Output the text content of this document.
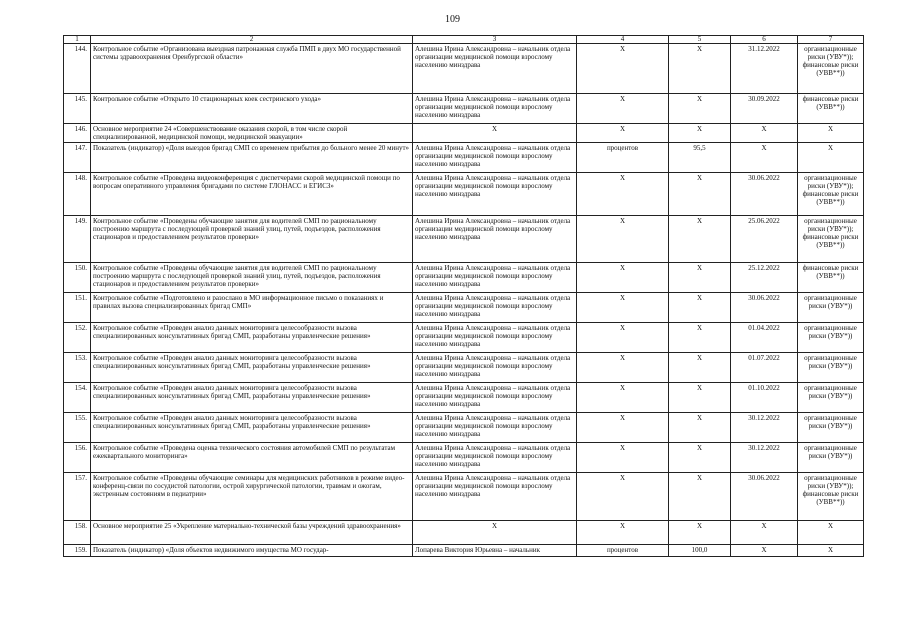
109
1	2	3	4	5	6	7
144.	Контрольное событие «Организована выездная патронажная служба ПМП в двух МО государственной системы здравоохранения Оренбургской области»	Алешина Ирина Александровна – начальник отдела организации медицинской помощи взрослому населению минздрава	X	X	31.12.2022	организационные риски (УВУ*)); финансовые риски (УВВ**))
145.	Контрольное событие «Открыто 10 стационарных коек сестринского ухода»	Алешина Ирина Александровна – начальник отдела организации медицинской помощи взрослому населению минздрава	X	X	30.09.2022	финансовые риски (УВВ**))
146.	Основное мероприятие 24 «Совершенствование оказания скорой, в том числе скорой специализированной, медицинской помощи, медицинской эвакуации»	X	X	X	X	X
147.	Показатель (индикатор) «Доля выездов бригад СМП со временем прибытия до больного менее 20 минут»	Алешина Ирина Александровна – начальник отдела организации медицинской помощи взрослому населению минздрава	процентов	95,5	X	X
148.	Контрольное событие «Проведена видеоконференция с диспетчерами скорой медицинской помощи по вопросам оперативного управления бригадами по системе ГЛОНАСС и ЕГИСЗ»	Алешина Ирина Александровна – начальник отдела организации медицинской помощи взрослому населению минздрава	X	X	30.06.2022	организационные риски (УВУ*)); финансовые риски (УВВ**))
149.	Контрольное событие «Проведены обучающие занятия для водителей СМП по рациональному построению маршрута с последующей проверкой знаний улиц, путей, подъездов, расположения стационаров и предоставлением результатов проверки»	Алешина Ирина Александровна – начальник отдела организации медицинской помощи взрослому населению минздрава	X	X	25.06.2022	организационные риски (УВУ*)); финансовые риски (УВВ**))
150.	Контрольное событие «Проведены обучающие занятия для водителей СМП по рациональному построению маршрута с последующей проверкой знаний улиц, путей, подъездов, расположения стационаров и предоставлением результатов проверки»	Алешина Ирина Александровна – начальник отдела организации медицинской помощи взрослому населению минздрава	X	X	25.12.2022	финансовые риски (УВВ**))
151.	Контрольное событие «Подготовлено и разослано в МО информационное письмо о показаниях и правилах вызова специализированных бригад СМП»	Алешина Ирина Александровна – начальник отдела организации медицинской помощи взрослому населению минздрава	X	X	30.06.2022	организационные риски (УВУ*))
152.	Контрольное событие «Проведен анализ данных мониторинга целесообразности вызова специализированных консультативных бригад СМП, разработаны управленческие решения»	Алешина Ирина Александровна – начальник отдела организации медицинской помощи взрослому населению минздрава	X	X	01.04.2022	организационные риски (УВУ*))
153.	Контрольное событие «Проведен анализ данных мониторинга целесообразности вызова специализированных консультативных бригад СМП, разработаны управленческие решения»	Алешина Ирина Александровна – начальник отдела организации медицинской помощи взрослому населению минздрава	X	X	01.07.2022	организационные риски (УВУ*))
154.	Контрольное событие «Проведен анализ данных мониторинга целесообразности вызова специализированных консультативных бригад СМП, разработаны управленческие решения»	Алешина Ирина Александровна – начальник отдела организации медицинской помощи взрослому населению минздрава	X	X	01.10.2022	организационные риски (УВУ*))
155.	Контрольное событие «Проведен анализ данных мониторинга целесообразности вызова специализированных консультативных бригад СМП, разработаны управленческие решения»	Алешина Ирина Александровна – начальник отдела организации медицинской помощи взрослому населению минздрава	X	X	30.12.2022	организационные риски (УВУ*))
156.	Контрольное событие «Проведена оценка технического состояния автомобилей СМП по результатам ежеквартального мониторинга»	Алешина Ирина Александровна – начальник отдела организации медицинской помощи взрослому населению минздрава	X	X	30.12.2022	организационные риски (УВУ*))
157.	Контрольное событие «Проведены обучающие семинары для медицинских работников в режиме видео-конференц-связи по сосудистой патологии, острой хирургической патологии, травмам и ожогам, экстренным состояниям в педиатрии»	Алешина Ирина Александровна – начальник отдела организации медицинской помощи взрослому населению минздрава	X	X	30.06.2022	организационные риски (УВУ*)); финансовые риски (УВВ**))
158.	Основное мероприятие 25 «Укрепление материально-технической базы учреждений здравоохранения»	X	X	X	X	X
159.	Показатель (индикатор) «Доля объектов недвижимого имущества МО государ-	Лопарева Виктория Юрьевна – начальник	процентов	100,0	X	X
